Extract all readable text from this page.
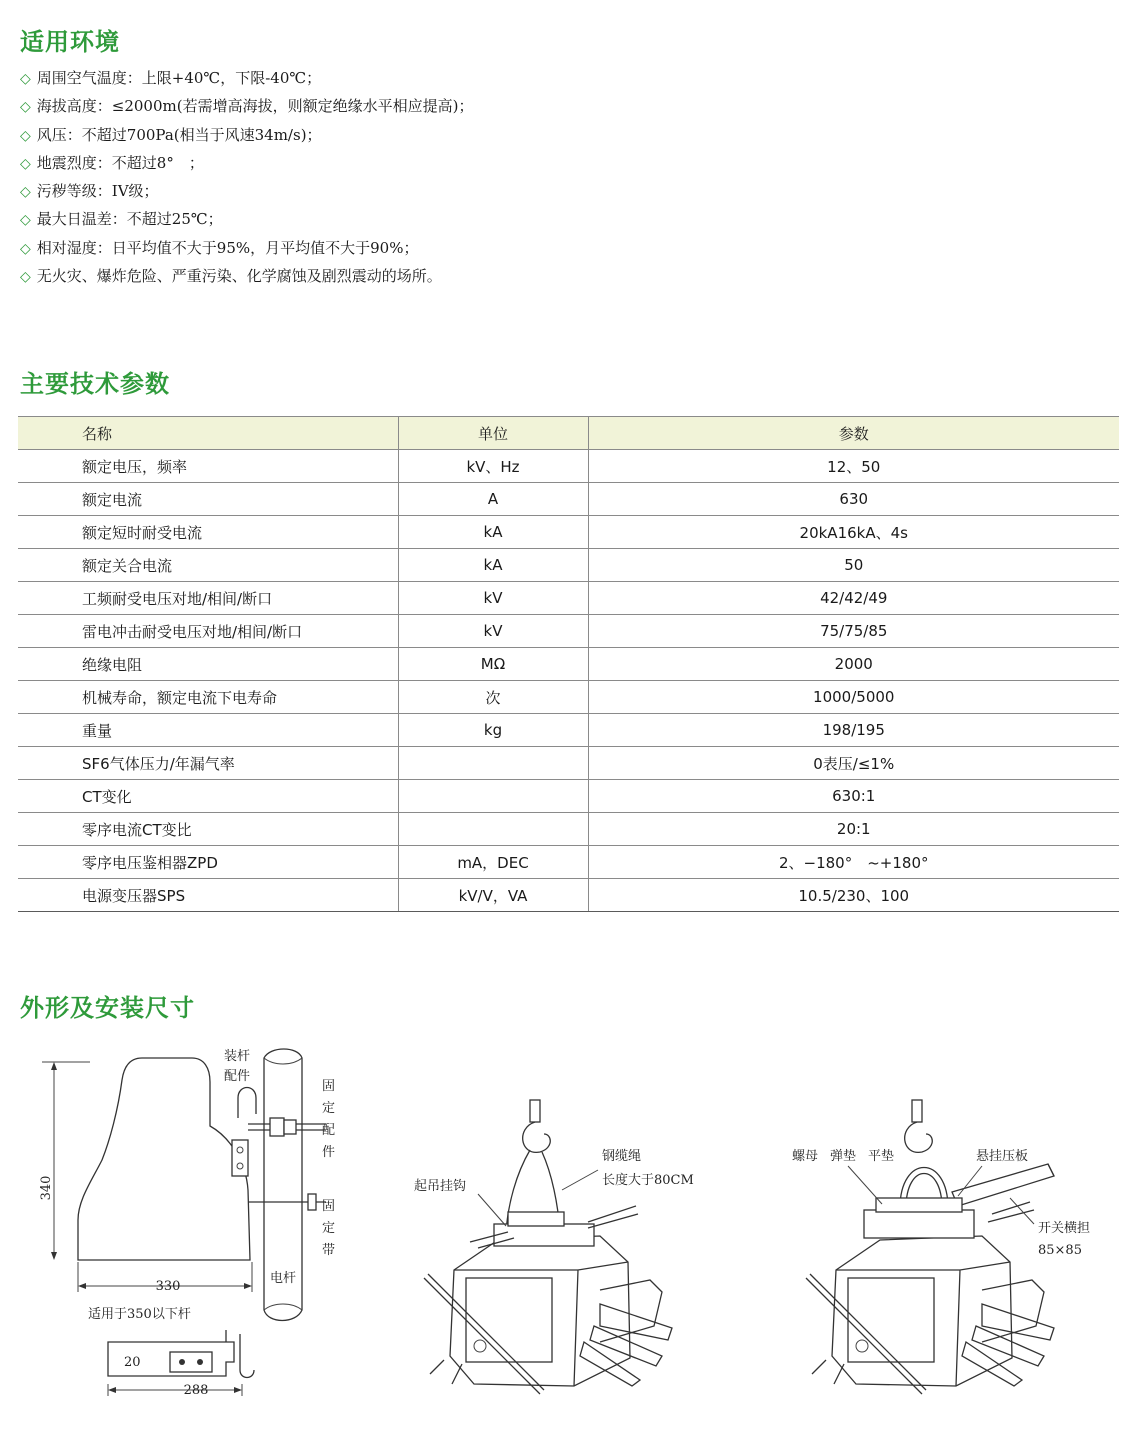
适用环境
◇ 周围空气温度：上限+40℃，下限-40℃；
◇ 海拔高度：≤2000m(若需增高海拔，则额定绝缘水平相应提高)；
◇ 风压：不超过700Pa(相当于风速34m/s)；
◇ 地震烈度：不超过8°　；
◇ 污秽等级：IV级；
◇ 最大日温差：不超过25℃；
◇ 相对湿度：日平均值不大于95%，月平均值不大于90%；
◇ 无火灾、爆炸危险、严重污染、化学腐蚀及剧烈震动的场所。
主要技术参数
名称	单位	参数
额定电压，频率	kV、Hz	12、50
额定电流	A	630
额定短时耐受电流	kA	20kA16kA、4s
额定关合电流	kA	50
工频耐受电压对地/相间/断口	kV	42/42/49
雷电冲击耐受电压对地/相间/断口	kV	75/75/85
绝缘电阻	MΩ	2000
机械寿命，额定电流下电寿命	次	1000/5000
重量	kg	198/195
SF6气体压力/年漏气率		0表压/≤1%
CT变化		630:1
零序电流CT变比		20:1
零序电压鉴相器ZPD	mA，DEC	2、−180°　~+180°
电源变压器SPS	kV/V，VA	10.5/230、100
外形及安装尺寸
340
330
装杆
配件
固
定
配
件
固
定
带
电杆
适用于350以下杆
20
288
起吊挂钩
钢缆绳
长度大于80CM
螺母 弹垫 平垫	悬挂压板
开关横担
85×85
